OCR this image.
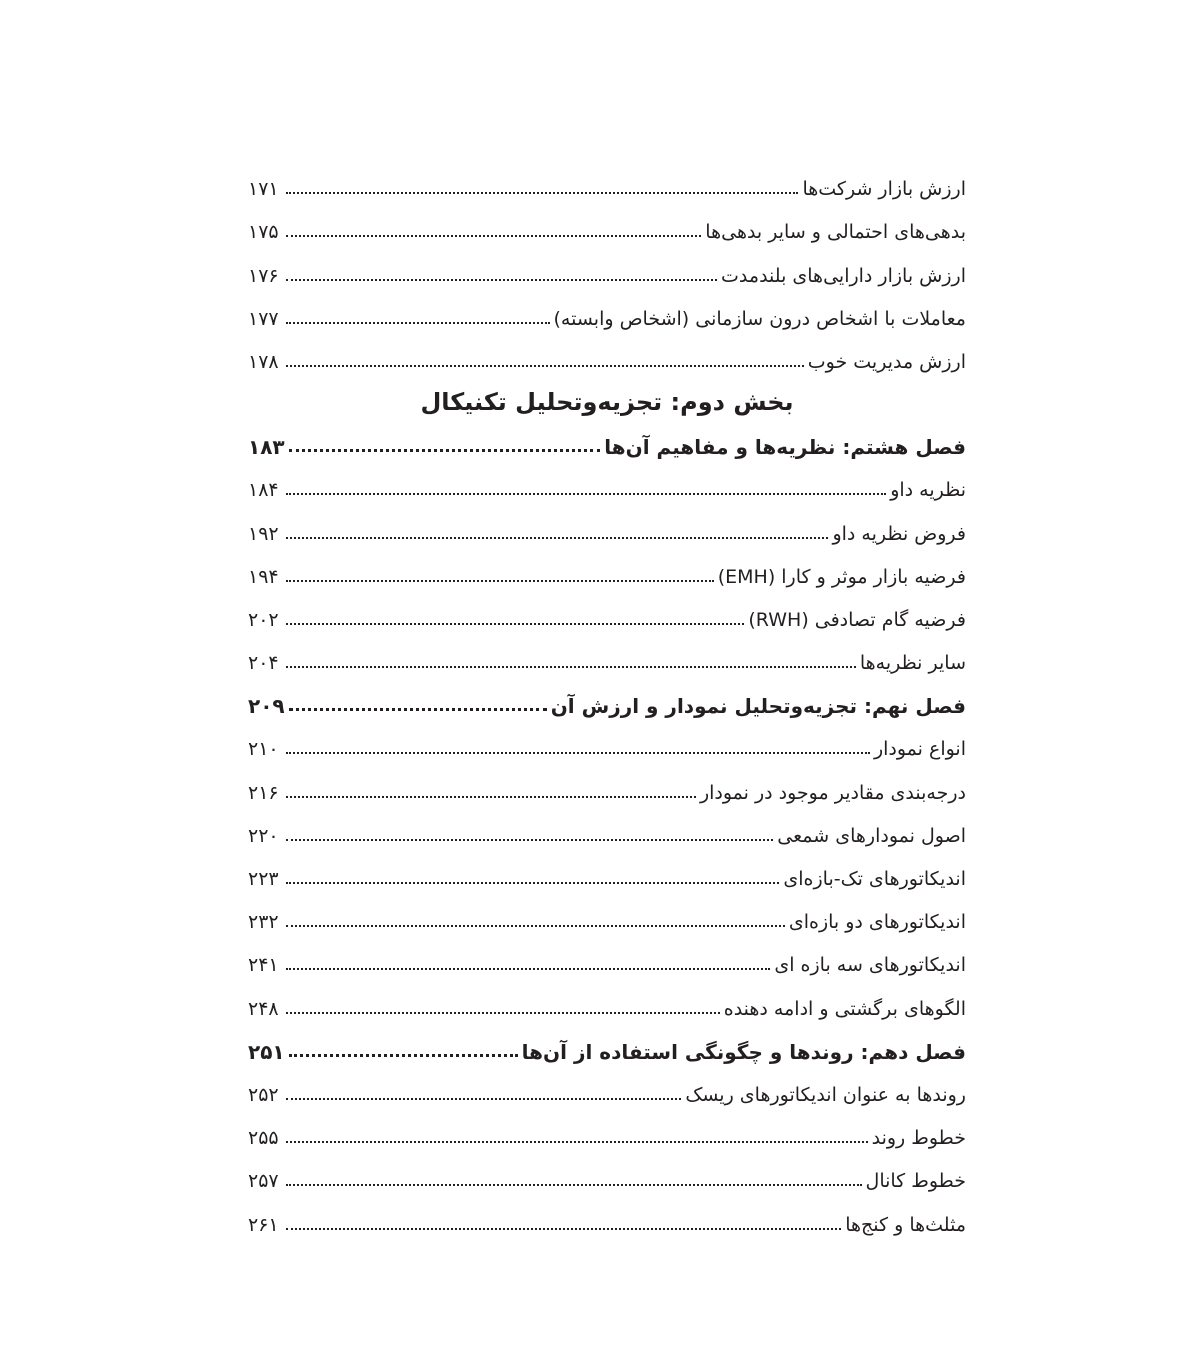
ارزش بازار شرکت‌ها
۱۷۱
بدهی‌های احتمالی و سایر بدهی‌ها
۱۷۵
ارزش بازار دارایی‌های بلندمدت
۱۷۶
معاملات با اشخاص درون سازمانی (اشخاص وابسته)
۱۷۷
ارزش مدیریت خوب
۱۷۸
بخش دوم: تجزیه‌وتحلیل تکنیکال
فصل هشتم: نظریه‌ها و مفاهیم آن‌ها
۱۸۳
نظریه داو
۱۸۴
فروض نظریه داو
۱۹۲
فرضیه بازار موثر و کارا (EMH)
۱۹۴
فرضیه گام تصادفی (RWH)
۲۰۲
سایر نظریه‌ها
۲۰۴
فصل نهم: تجزیه‌وتحلیل نمودار و ارزش آن
۲۰۹
انواع نمودار
۲۱۰
درجه‌بندی مقادیر موجود در نمودار
۲۱۶
اصول نمودارهای شمعی
۲۲۰
اندیکاتورهای تک-بازه‌ای
۲۲۳
اندیکاتورهای دو بازه‌ای
۲۳۲
اندیکاتورهای سه بازه ای
۲۴۱
الگوهای برگشتی و ادامه دهنده
۲۴۸
فصل دهم: روندها و چگونگی استفاده از آن‌ها
۲۵۱
روندها به عنوان اندیکاتورهای ریسک
۲۵۲
خطوط روند
۲۵۵
خطوط کانال
۲۵۷
مثلث‌ها و کنج‌ها
۲۶۱
